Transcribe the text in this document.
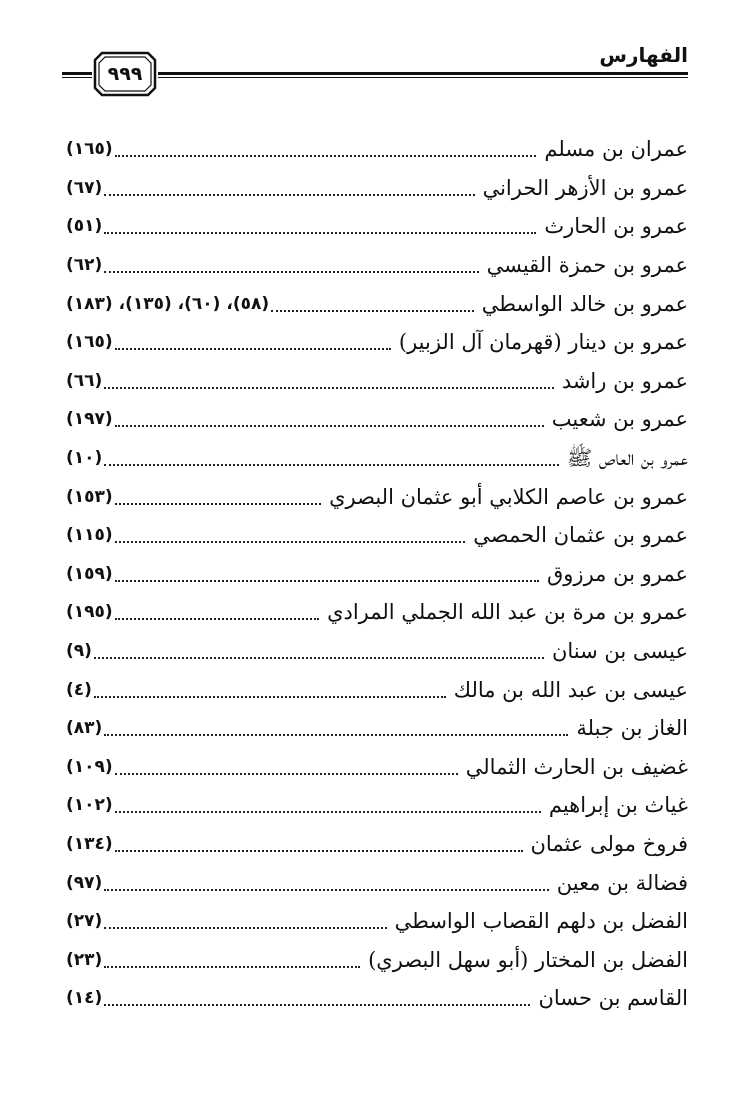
الفهارس
٩٩٩
عمران بن مسلم
(١٦٥)
عمرو بن الأزهر الحراني
(٦٧)
عمرو بن الحارث
(٥١)
عمرو بن حمزة القيسي
(٦٢)
عمرو بن خالد الواسطي
(٥٨)، (٦٠)، (١٣٥)، (١٨٣)
عمرو بن دينار (قهرمان آل الزبير)
(١٦٥)
عمرو بن راشد
(٦٦)
عمرو بن شعيب
(١٩٧)
عمرو بن العاص ﷺ
(١٠)
عمرو بن عاصم الكلابي أبو عثمان البصري
(١٥٣)
عمرو بن عثمان الحمصي
(١١٥)
عمرو بن مرزوق
(١٥٩)
عمرو بن مرة بن عبد الله الجملي المرادي
(١٩٥)
عيسى بن سنان
(٩)
عيسى بن عبد الله بن مالك
(٤)
الغاز بن جبلة
(٨٣)
غضيف بن الحارث الثمالي
(١٠٩)
غياث بن إبراهيم
(١٠٢)
فروخ مولى عثمان
(١٣٤)
فضالة بن معين
(٩٧)
الفضل بن دلهم القصاب الواسطي
(٢٧)
الفضل بن المختار (أبو سهل البصري)
(٢٣)
القاسم بن حسان
(١٤)
